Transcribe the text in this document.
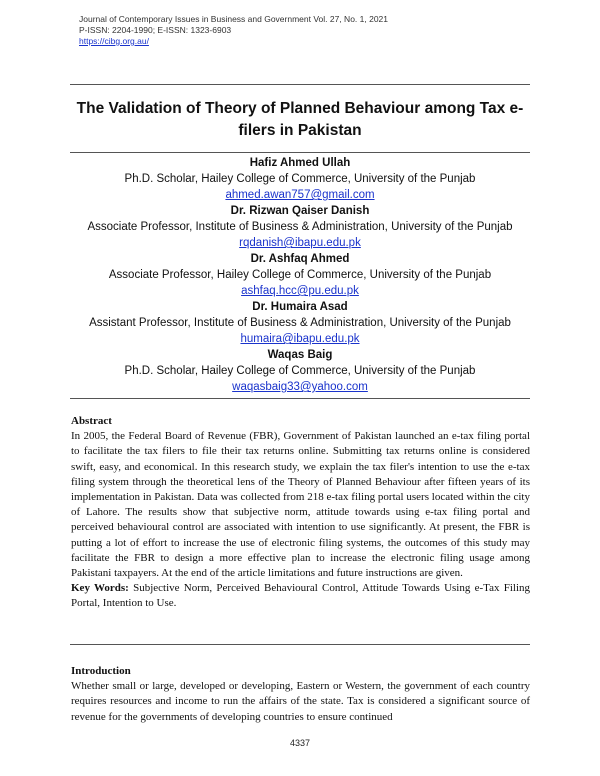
Journal of Contemporary Issues in Business and Government Vol. 27, No. 1, 2021
P-ISSN: 2204-1990; E-ISSN: 1323-6903
https://cibg.org.au/
The Validation of Theory of Planned Behaviour among Tax e-filers in Pakistan
Hafiz Ahmed Ullah
Ph.D. Scholar, Hailey College of Commerce, University of the Punjab
ahmed.awan757@gmail.com
Dr. Rizwan Qaiser Danish
Associate Professor, Institute of Business & Administration, University of the Punjab
rqdanish@ibapu.edu.pk
Dr. Ashfaq Ahmed
Associate Professor, Hailey College of Commerce, University of the Punjab
ashfaq.hcc@pu.edu.pk
Dr. Humaira Asad
Assistant Professor, Institute of Business & Administration, University of the Punjab
humaira@ibapu.edu.pk
Waqas Baig
Ph.D. Scholar, Hailey College of Commerce, University of the Punjab
waqasbaig33@yahoo.com
Abstract
In 2005, the Federal Board of Revenue (FBR), Government of Pakistan launched an e-tax filing portal to facilitate the tax filers to file their tax returns online. Submitting tax returns online is considered swift, easy, and economical. In this research study, we explain the tax filer's intention to use the e-tax filing system through the theoretical lens of the Theory of Planned Behaviour after fifteen years of its implementation in Pakistan. Data was collected from 218 e-tax filing portal users located within the city of Lahore. The results show that subjective norm, attitude towards using e-tax filing portal and perceived behavioural control are associated with intention to use significantly. At present, the FBR is putting a lot of effort to increase the use of electronic filing systems, the outcomes of this study may facilitate the FBR to design a more effective plan to increase the electronic filing usage among Pakistani taxpayers. At the end of the article limitations and future instructions are given.
Key Words: Subjective Norm, Perceived Behavioural Control, Attitude Towards Using e-Tax Filing Portal, Intention to Use.
Introduction
Whether small or large, developed or developing, Eastern or Western, the government of each country requires resources and income to run the affairs of the state. Tax is considered a significant source of revenue for the governments of developing countries to ensure continued
4337
